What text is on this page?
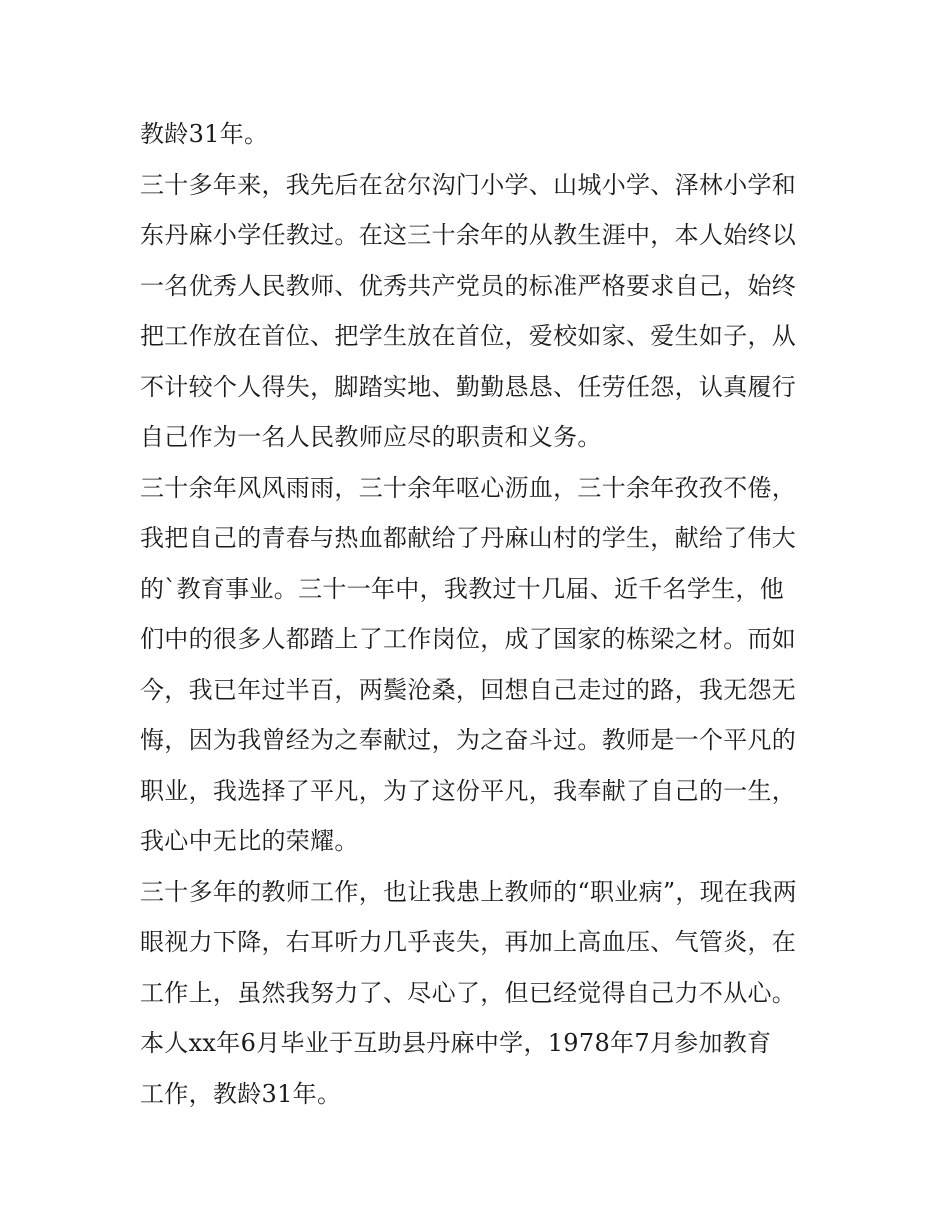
教龄31年。
三十多年来，我先后在岔尔沟门小学、山城小学、泽林小学和
东丹麻小学任教过。在这三十余年的从教生涯中，本人始终以
一名优秀人民教师、优秀共产党员的标准严格要求自己，始终
把工作放在首位、把学生放在首位，爱校如家、爱生如子，从
不计较个人得失，脚踏实地、勤勤恳恳、任劳任怨，认真履行
自己作为一名人民教师应尽的职责和义务。
三十余年风风雨雨，三十余年呕心沥血，三十余年孜孜不倦，
我把自己的青春与热血都献给了丹麻山村的学生，献给了伟大
的`教育事业。三十一年中，我教过十几届、近千名学生，他
们中的很多人都踏上了工作岗位，成了国家的栋梁之材。而如
今，我已年过半百，两鬓沧桑，回想自己走过的路，我无怨无
悔，因为我曾经为之奉献过，为之奋斗过。教师是一个平凡的
职业，我选择了平凡，为了这份平凡，我奉献了自己的一生，
我心中无比的荣耀。
三十多年的教师工作，也让我患上教师的“职业病”，现在我两
眼视力下降，右耳听力几乎丧失，再加上高血压、气管炎，在
工作上，虽然我努力了、尽心了，但已经觉得自己力不从心。
本人xx年6月毕业于互助县丹麻中学，1978年7月参加教育
工作，教龄31年。
